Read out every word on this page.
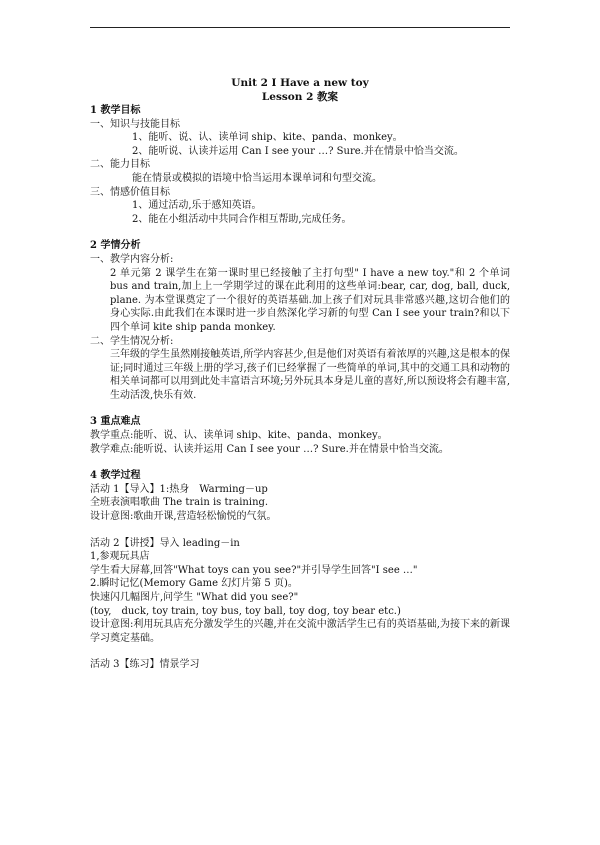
Unit 2 I Have a new toy
Lesson 2 教案
1 教学目标
一、知识与技能目标
1、能听、说、认、读单词 ship、kite、panda、monkey。
2、能听说、认读并运用 Can I see your …? Sure.并在情景中恰当交流。
二、能力目标
能在情景或模拟的语境中恰当运用本课单词和句型交流。
三、情感价值目标
1、通过活动,乐于感知英语。
2、能在小组活动中共同合作相互帮助,完成任务。
2 学情分析
一、教学内容分析:
2 单元第 2 课学生在第一课时里已经接触了主打句型" I have a new toy."和 2 个单词 bus and train,加上上一学期学过的课在此利用的这些单词:bear, car, dog, ball, duck, plane. 为本堂课奠定了一个很好的英语基础.加上孩子们对玩具非常感兴趣,这切合他们的身心实际.由此我们在本课时进一步自然深化学习新的句型 Can I see your train?和以下四个单词 kite ship panda monkey.
二、学生情况分析:
三年级的学生虽然刚接触英语,所学内容甚少,但是他们对英语有着浓厚的兴趣,这是根本的保证;同时通过三年级上册的学习,孩子们已经掌握了一些简单的单词,其中的交通工具和动物的相关单词都可以用到此处丰富语言环境;另外玩具本身是儿童的喜好,所以预设将会有趣丰富,生动活泼,快乐有效.
3 重点难点
教学重点:能听、说、认、读单词 ship、kite、panda、monkey。
教学难点:能听说、认读并运用 Can I see your …? Sure.并在情景中恰当交流。
4 教学过程
活动 1【导入】1:热身　Warming－up
全班表演唱歌曲 The train is training.
设计意图:歌曲开课,营造轻松愉悦的气氛。
活动 2【讲授】导入 leading－in
1,参观玩具店
学生看大屏幕,回答"What toys can you see?"并引导学生回答"I see …"
2.瞬时记忆(Memory Game 幻灯片第 5 页)。
快速闪几幅图片,问学生 "What did you see?"
(toy,　duck, toy train, toy bus, toy ball, toy dog, toy bear etc.)
设计意图:利用玩具店充分激发学生的兴趣,并在交流中激活学生已有的英语基础,为接下来的新课学习奠定基础。
活动 3【练习】情景学习
